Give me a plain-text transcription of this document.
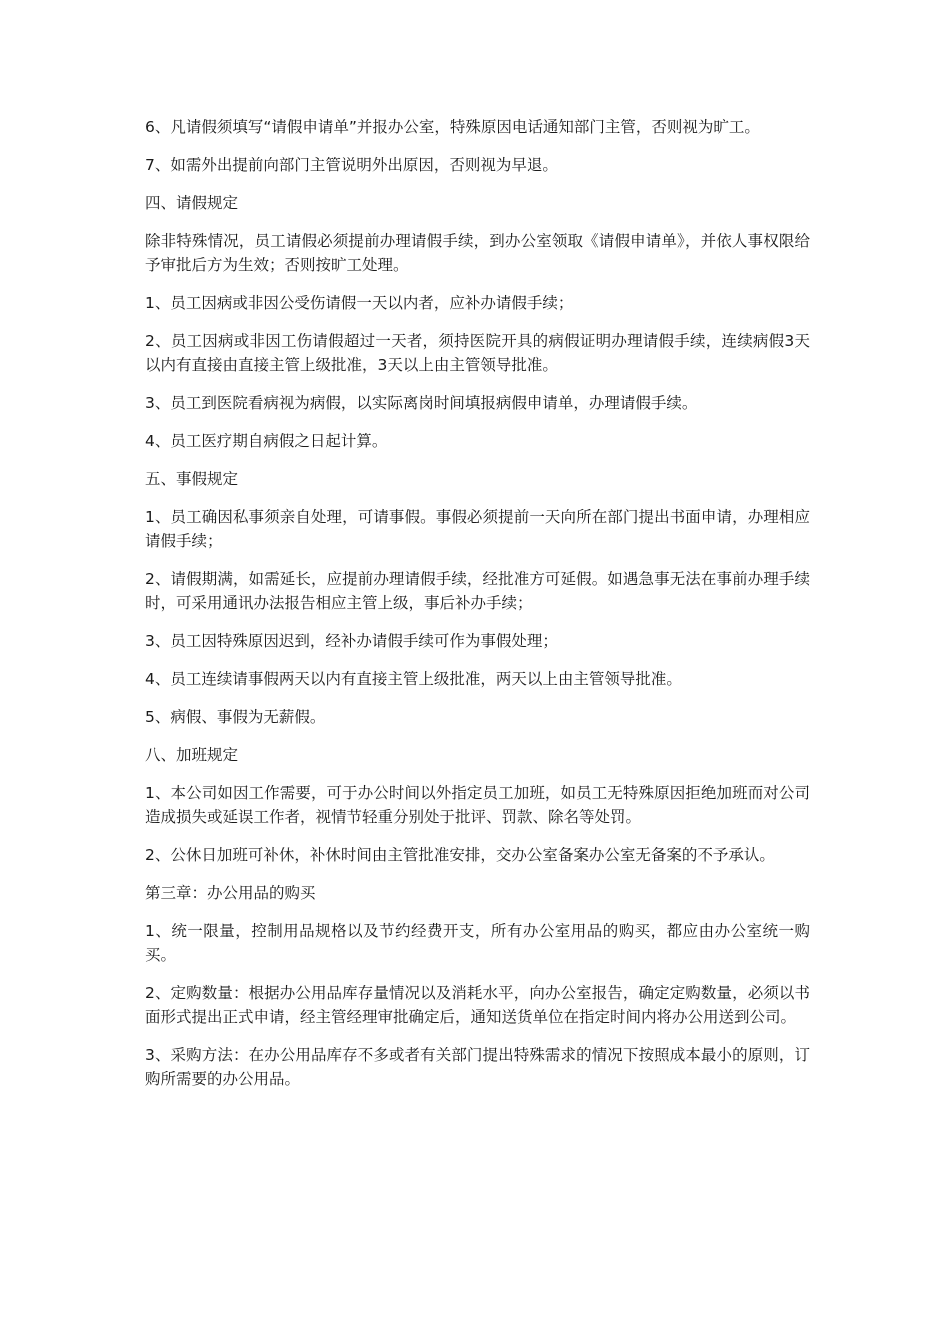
6、凡请假须填写“请假申请单”并报办公室，特殊原因电话通知部门主管，否则视为旷工。

7、如需外出提前向部门主管说明外出原因，否则视为早退。

四、请假规定

除非特殊情况，员工请假必须提前办理请假手续，到办公室领取《请假申请单》，并依人事权限给予审批后方为生效；否则按旷工处理。

1、员工因病或非因公受伤请假一天以内者，应补办请假手续；

2、员工因病或非因工伤请假超过一天者，须持医院开具的病假证明办理请假手续，连续病假3天以内有直接由直接主管上级批准，3天以上由主管领导批准。

3、员工到医院看病视为病假，以实际离岗时间填报病假申请单，办理请假手续。

4、员工医疗期自病假之日起计算。

五、事假规定

1、员工确因私事须亲自处理，可请事假。事假必须提前一天向所在部门提出书面申请，办理相应请假手续；

2、请假期满，如需延长，应提前办理请假手续，经批准方可延假。如遇急事无法在事前办理手续时，可采用通讯办法报告相应主管上级，事后补办手续；

3、员工因特殊原因迟到，经补办请假手续可作为事假处理；

4、员工连续请事假两天以内有直接主管上级批准，两天以上由主管领导批准。

5、病假、事假为无薪假。

八、加班规定

1、本公司如因工作需要，可于办公时间以外指定员工加班，如员工无特殊原因拒绝加班而对公司造成损失或延误工作者，视情节轻重分别处于批评、罚款、除名等处罚。

2、公休日加班可补休，补休时间由主管批准安排，交办公室备案办公室无备案的不予承认。

第三章：办公用品的购买

1、统一限量，控制用品规格以及节约经费开支，所有办公室用品的购买，都应由办公室统一购买。

2、定购数量：根据办公用品库存量情况以及消耗水平，向办公室报告，确定定购数量，必须以书面形式提出正式申请，经主管经理审批确定后，通知送货单位在指定时间内将办公用送到公司。

3、采购方法：在办公用品库存不多或者有关部门提出特殊需求的情况下按照成本最小的原则，订购所需要的办公用品。
